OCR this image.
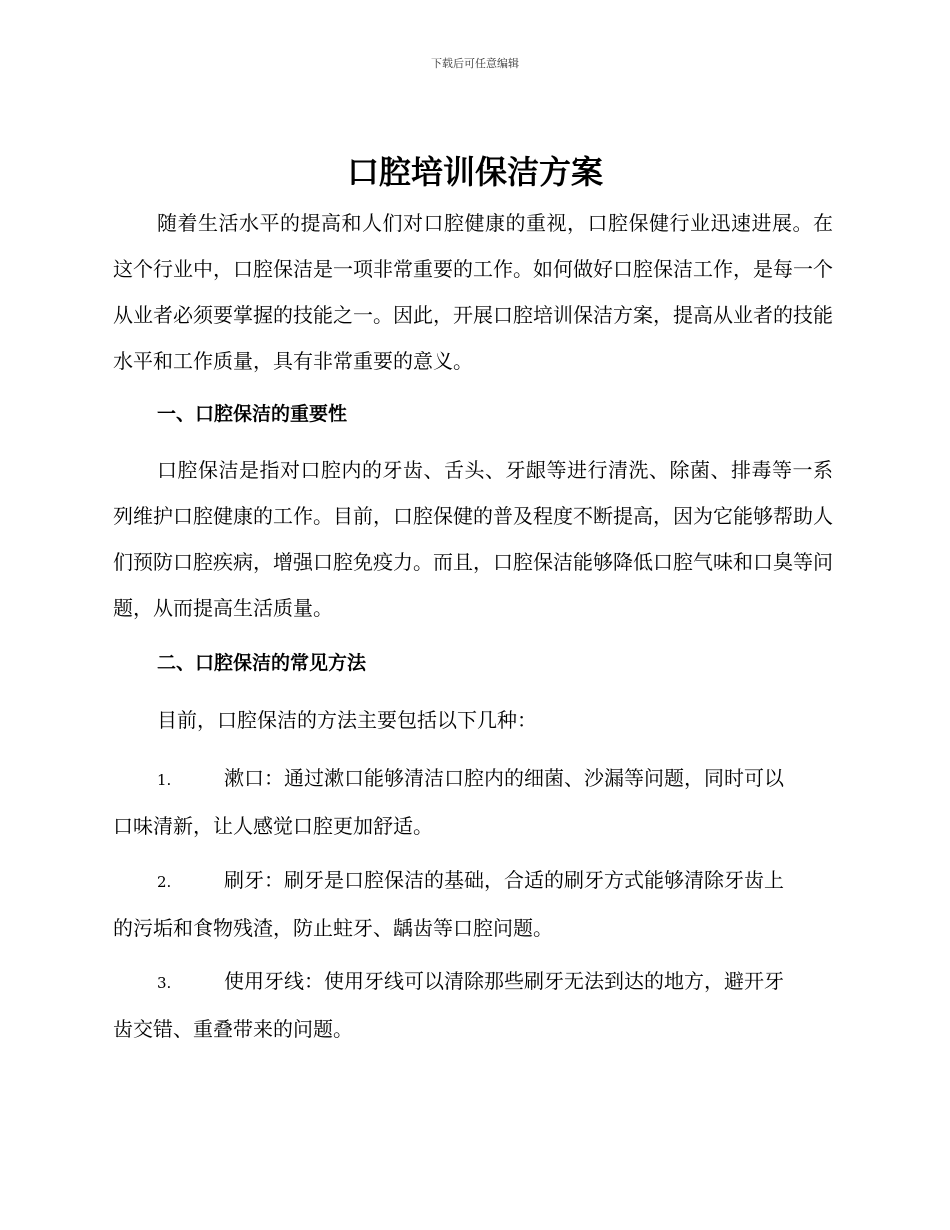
下载后可任意编辑
口腔培训保洁方案
随着生活水平的提高和人们对口腔健康的重视，口腔保健行业迅速进展。在这个行业中，口腔保洁是一项非常重要的工作。如何做好口腔保洁工作，是每一个从业者必须要掌握的技能之一。因此，开展口腔培训保洁方案，提高从业者的技能水平和工作质量，具有非常重要的意义。
一、口腔保洁的重要性
口腔保洁是指对口腔内的牙齿、舌头、牙龈等进行清洗、除菌、排毒等一系列维护口腔健康的工作。目前，口腔保健的普及程度不断提高，因为它能够帮助人们预防口腔疾病，增强口腔免疫力。而且，口腔保洁能够降低口腔气味和口臭等问题，从而提高生活质量。
二、口腔保洁的常见方法
目前，口腔保洁的方法主要包括以下几种：
1.	漱口：通过漱口能够清洁口腔内的细菌、沙漏等问题，同时可以
口味清新，让人感觉口腔更加舒适。
2.	刷牙：刷牙是口腔保洁的基础，合适的刷牙方式能够清除牙齿上
的污垢和食物残渣，防止蛀牙、龋齿等口腔问题。
3.	使用牙线：使用牙线可以清除那些刷牙无法到达的地方，避开牙
齿交错、重叠带来的问题。
